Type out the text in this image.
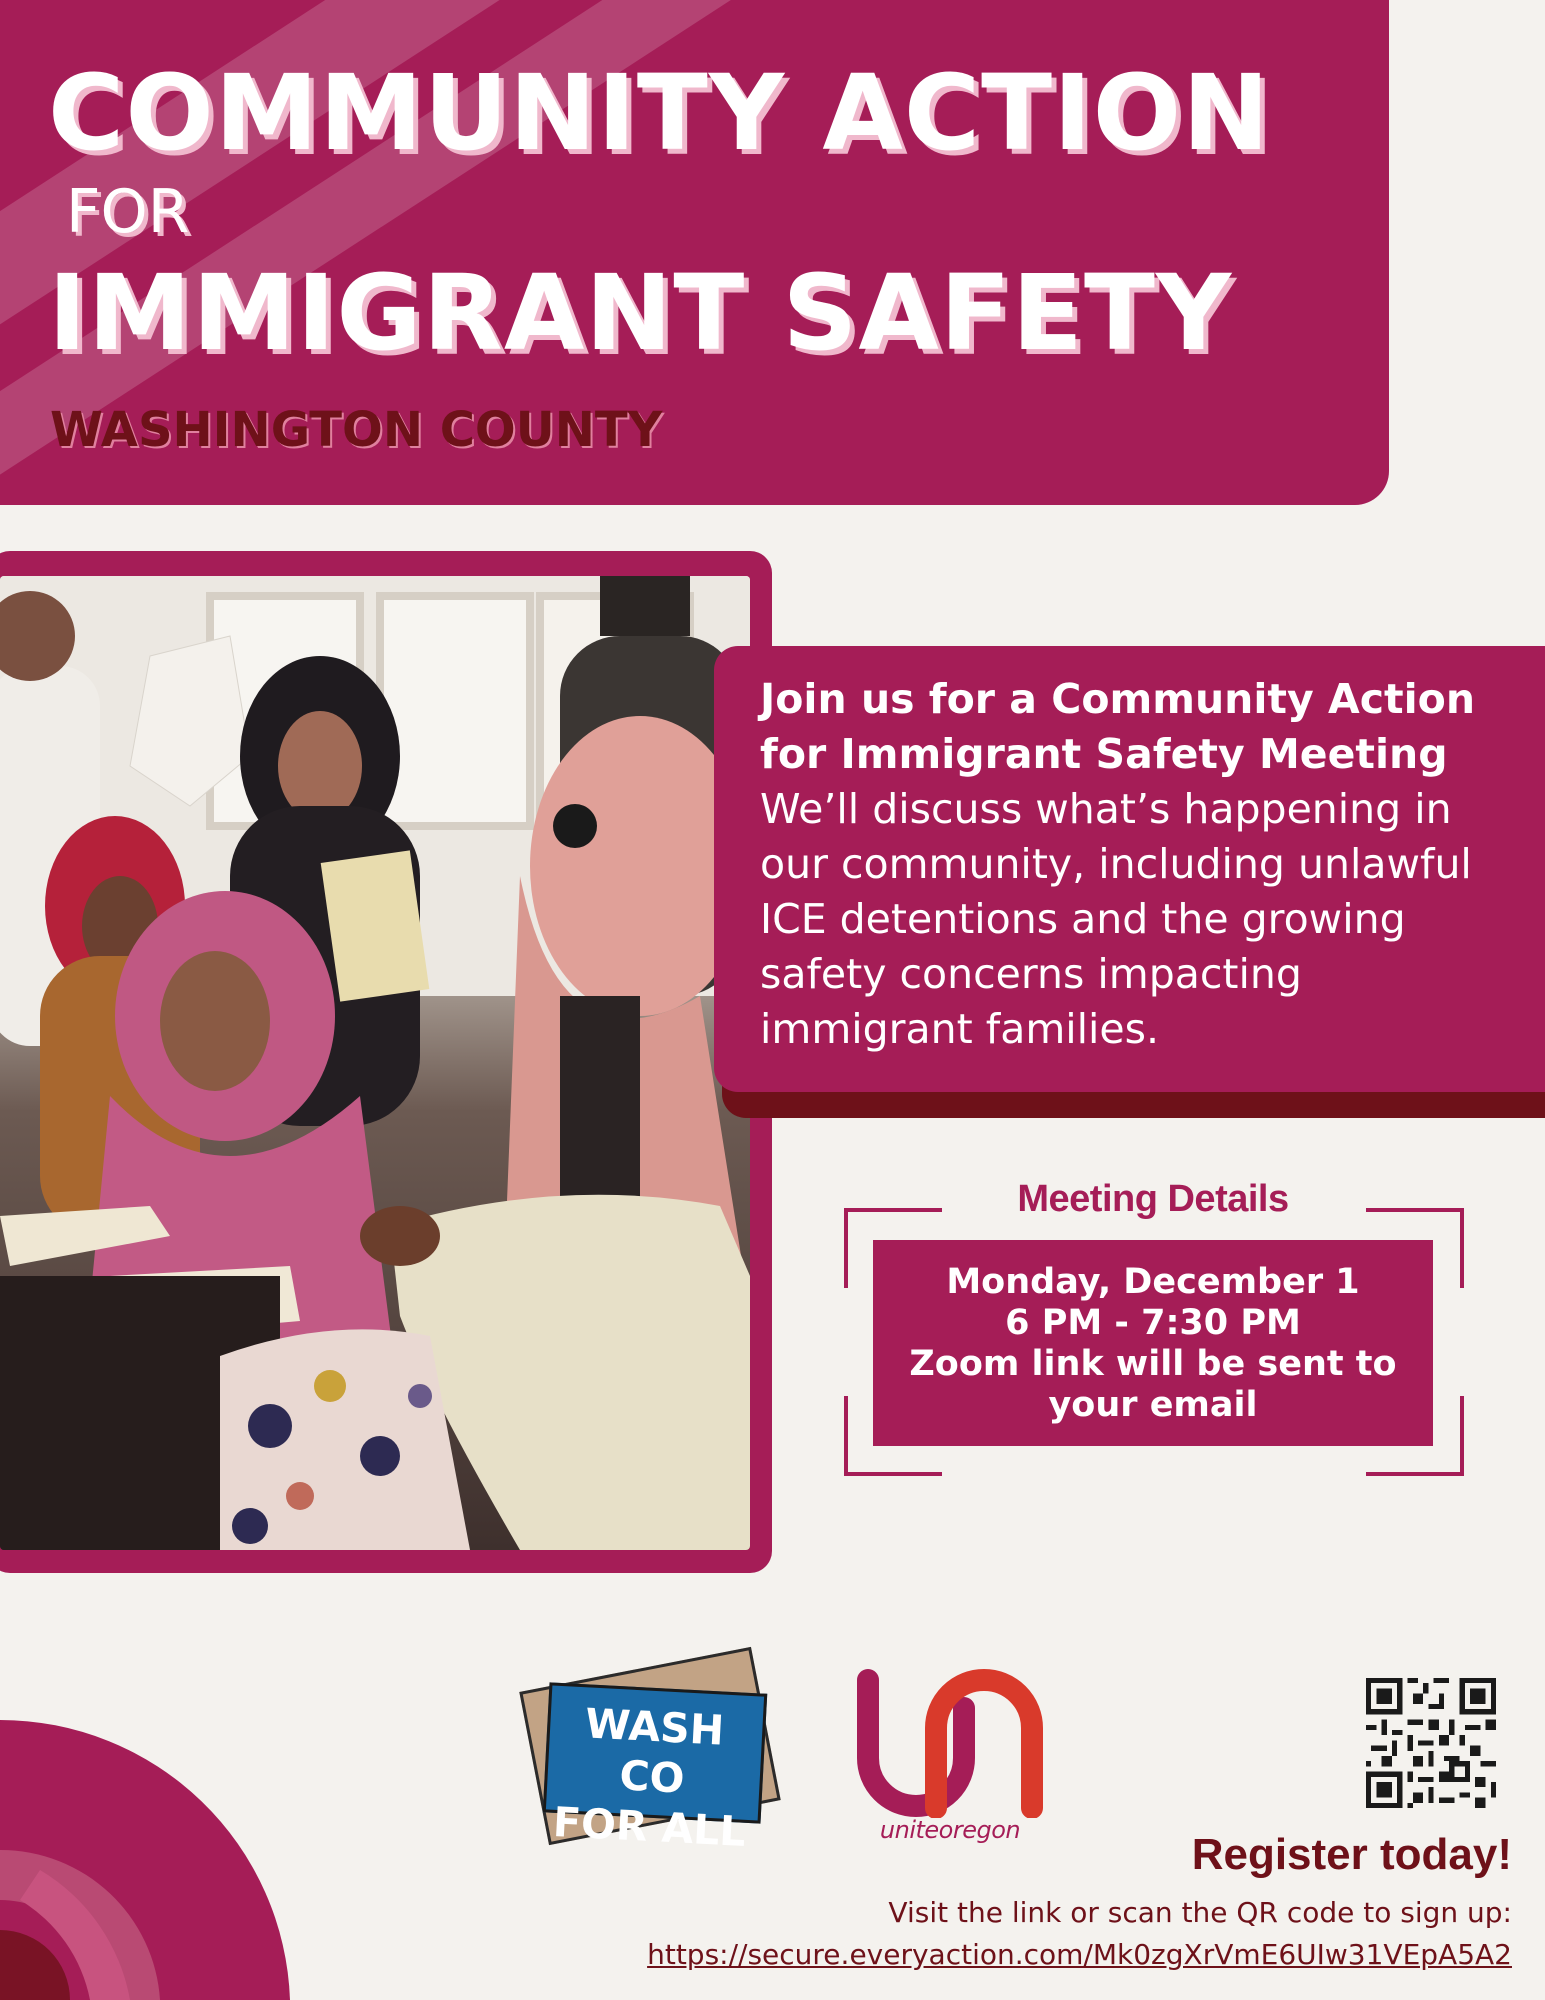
COMMUNITY ACTION
FOR
IMMIGRANT SAFETY
WASHINGTON COUNTY
Join us for a Community Action for Immigrant Safety Meeting
We’ll discuss what’s happening in our community, including unlawful ICE detentions and the growing safety concerns impacting immigrant families.
Meeting Details
Monday, December 1
6 PM - 7:30 PM
Zoom link will be sent to your email
WASH CO
FOR ALL	uniteoregon	Register today!
Visit the link or scan the QR code to sign up:
https://secure.everyaction.com/Mk0zgXrVmE6UIw31VEpA5A2
